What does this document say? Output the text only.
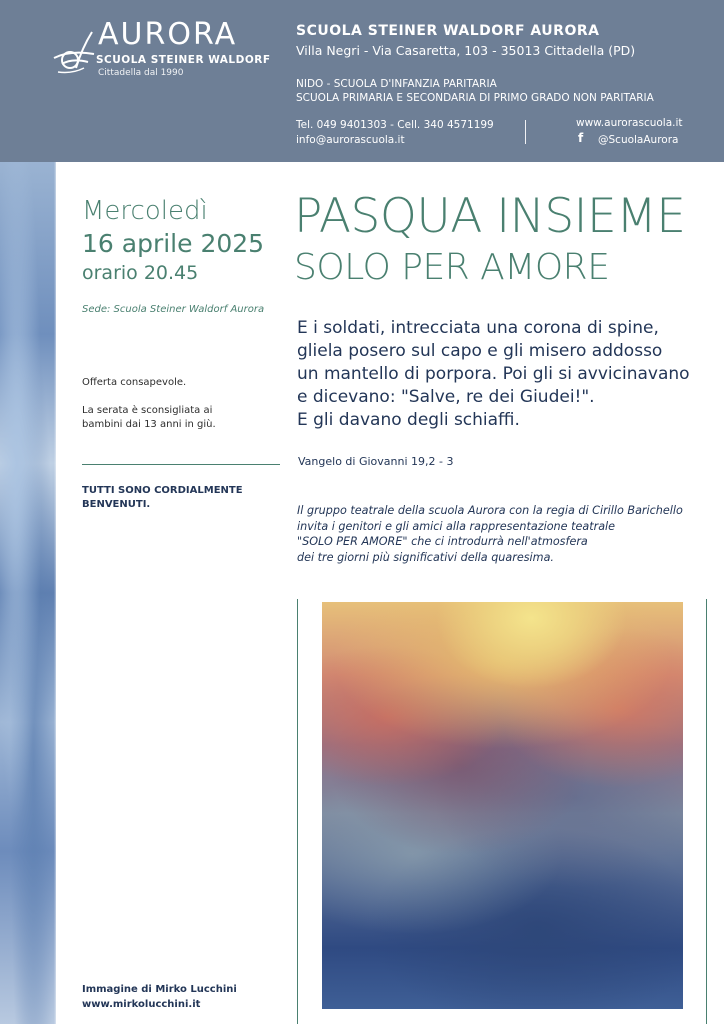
AURORA
SCUOLA STEINER WALDORF
Cittadella dal 1990
SCUOLA STEINER WALDORF AURORA
Villa Negri - Via Casaretta, 103 - 35013 Cittadella (PD)
NIDO - SCUOLA D'INFANZIA PARITARIA
SCUOLA PRIMARIA E SECONDARIA DI PRIMO GRADO NON PARITARIA
Tel. 049 9401303 - Cell. 340 4571199
info@aurorascuola.it
www.aurorascuola.it
f @ScuolaAurora
Mercoledì
16 aprile 2025
orario 20.45
Sede: Scuola Steiner Waldorf Aurora
Offerta consapevole.
La serata è sconsigliata ai bambini dai 13 anni in giù.
TUTTI SONO CORDIALMENTE BENVENUTI.
Immagine di Mirko Lucchini
www.mirkolucchini.it
PASQUA INSIEME
SOLO PER AMORE
E i soldati, intrecciata una corona di spine,
gliela posero sul capo e gli misero addosso
un mantello di porpora. Poi gli si avvicinavano
e dicevano: "Salve, re dei Giudei!".
E gli davano degli schiaffi.
Vangelo di Giovanni 19,2 - 3
Il gruppo teatrale della scuola Aurora con la regia di Cirillo Barichello
invita i genitori e gli amici alla rappresentazione teatrale
"SOLO PER AMORE" che ci introdurrà nell'atmosfera
dei tre giorni più significativi della quaresima.
